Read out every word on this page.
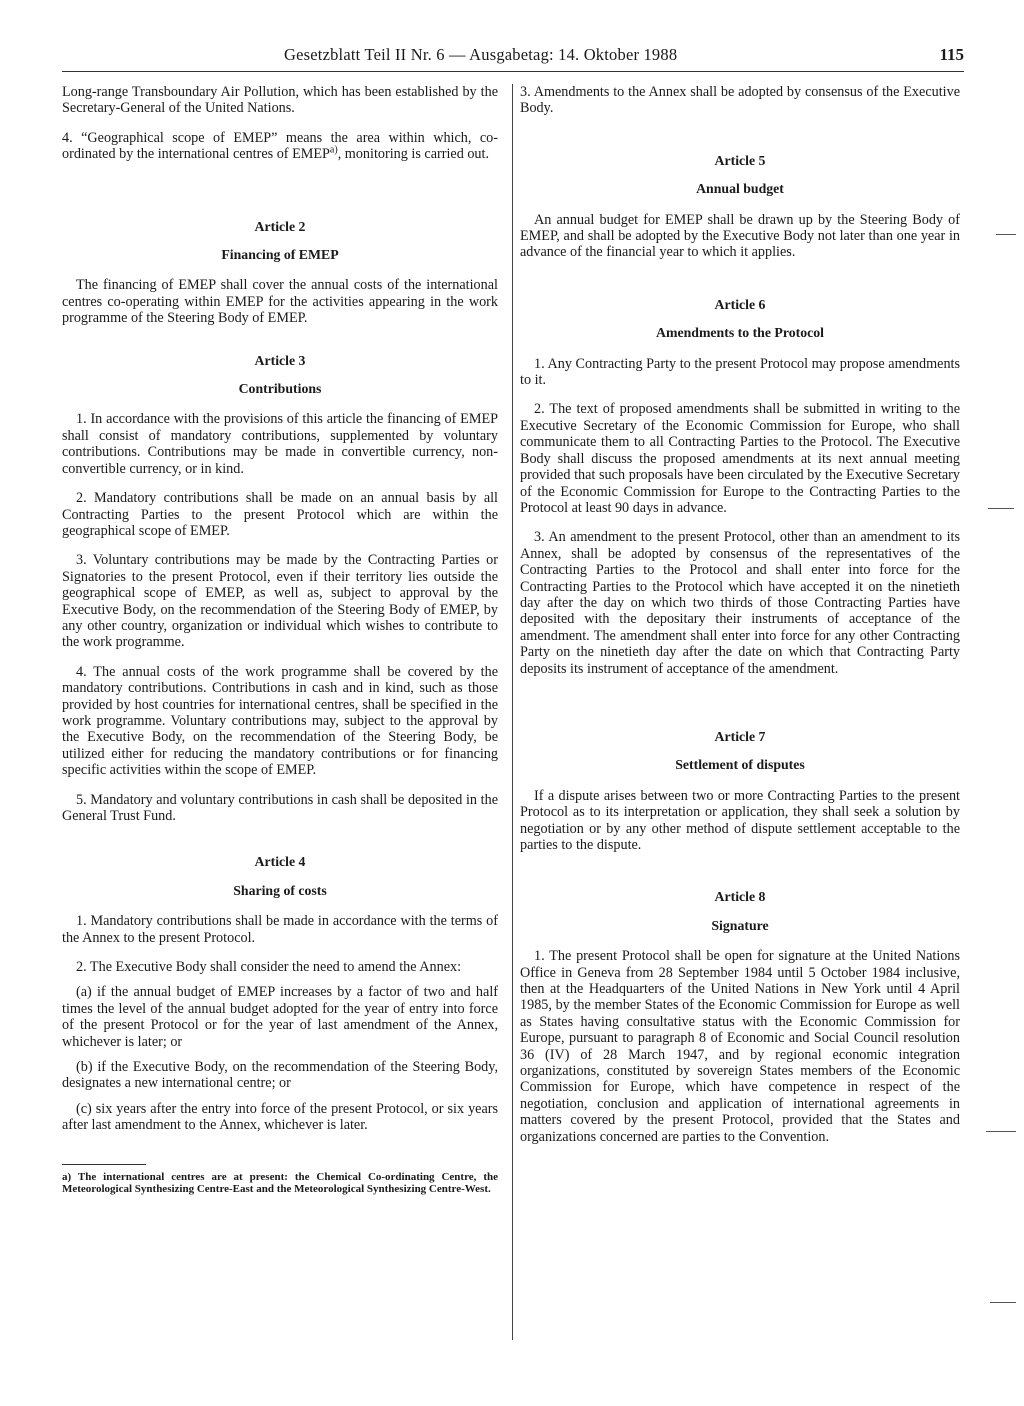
Gesetzblatt Teil II Nr. 6 — Ausgabetag: 14. Oktober 1988	115

Long-range Transboundary Air Pollution, which has been established by the Secretary-General of the United Nations.

4. “Geographical scope of EMEP” means the area within which, co-ordinated by the international centres of EMEP$^{a)}$, monitoring is carried out.

Article 2
Financing of EMEP

The financing of EMEP shall cover the annual costs of the international centres co-operating within EMEP for the activities appearing in the work programme of the Steering Body of EMEP.

Article 3
Contributions

1. In accordance with the provisions of this article the financing of EMEP shall consist of mandatory contributions, supplemented by voluntary contributions. Contributions may be made in convertible currency, non-convertible currency, or in kind.

2. Mandatory contributions shall be made on an annual basis by all Contracting Parties to the present Protocol which are within the geographical scope of EMEP.

3. Voluntary contributions may be made by the Contracting Parties or Signatories to the present Protocol, even if their territory lies outside the geographical scope of EMEP, as well as, subject to approval by the Executive Body, on the recommendation of the Steering Body of EMEP, by any other country, organization or individual which wishes to contribute to the work programme.

4. The annual costs of the work programme shall be covered by the mandatory contributions. Contributions in cash and in kind, such as those provided by host countries for international centres, shall be specified in the work programme. Voluntary contributions may, subject to the approval by the Executive Body, on the recommendation of the Steering Body, be utilized either for reducing the mandatory contributions or for financing specific activities within the scope of EMEP.

5. Mandatory and voluntary contributions in cash shall be deposited in the General Trust Fund.

Article 4
Sharing of costs

1. Mandatory contributions shall be made in accordance with the terms of the Annex to the present Protocol.

2. The Executive Body shall consider the need to amend the Annex:

(a) if the annual budget of EMEP increases by a factor of two and half times the level of the annual budget adopted for the year of entry into force of the present Protocol or for the year of last amendment of the Annex, whichever is later; or

(b) if the Executive Body, on the recommendation of the Steering Body, designates a new international centre; or

(c) six years after the entry into force of the present Protocol, or six years after last amendment to the Annex, whichever is later.

a) The international centres are at present: the Chemical Co-ordinating Centre, the Meteorological Synthesizing Centre-East and the Meteorological Synthesizing Centre-West.

3. Amendments to the Annex shall be adopted by consensus of the Executive Body.

Article 5
Annual budget

An annual budget for EMEP shall be drawn up by the Steering Body of EMEP, and shall be adopted by the Executive Body not later than one year in advance of the financial year to which it applies.

Article 6
Amendments to the Protocol

1. Any Contracting Party to the present Protocol may propose amendments to it.

2. The text of proposed amendments shall be submitted in writing to the Executive Secretary of the Economic Commission for Europe, who shall communicate them to all Contracting Parties to the Protocol. The Executive Body shall discuss the proposed amendments at its next annual meeting provided that such proposals have been circulated by the Executive Secretary of the Economic Commission for Europe to the Contracting Parties to the Protocol at least 90 days in advance.

3. An amendment to the present Protocol, other than an amendment to its Annex, shall be adopted by consensus of the representatives of the Contracting Parties to the Protocol and shall enter into force for the Contracting Parties to the Protocol which have accepted it on the ninetieth day after the day on which two thirds of those Contracting Parties have deposited with the depositary their instruments of acceptance of the amendment. The amendment shall enter into force for any other Contracting Party on the ninetieth day after the date on which that Contracting Party deposits its instrument of acceptance of the amendment.

Article 7
Settlement of disputes

If a dispute arises between two or more Contracting Parties to the present Protocol as to its interpretation or application, they shall seek a solution by negotiation or by any other method of dispute settlement acceptable to the parties to the dispute.

Article 8
Signature

1. The present Protocol shall be open for signature at the United Nations Office in Geneva from 28 September 1984 until 5 October 1984 inclusive, then at the Headquarters of the United Nations in New York until 4 April 1985, by the member States of the Economic Commission for Europe as well as States having consultative status with the Economic Commission for Europe, pursuant to paragraph 8 of Economic and Social Council resolution 36 (IV) of 28 March 1947, and by regional economic integration organizations, constituted by sovereign States members of the Economic Commission for Europe, which have competence in respect of the negotiation, conclusion and application of international agreements in matters covered by the present Protocol, provided that the States and organizations concerned are parties to the Convention.
